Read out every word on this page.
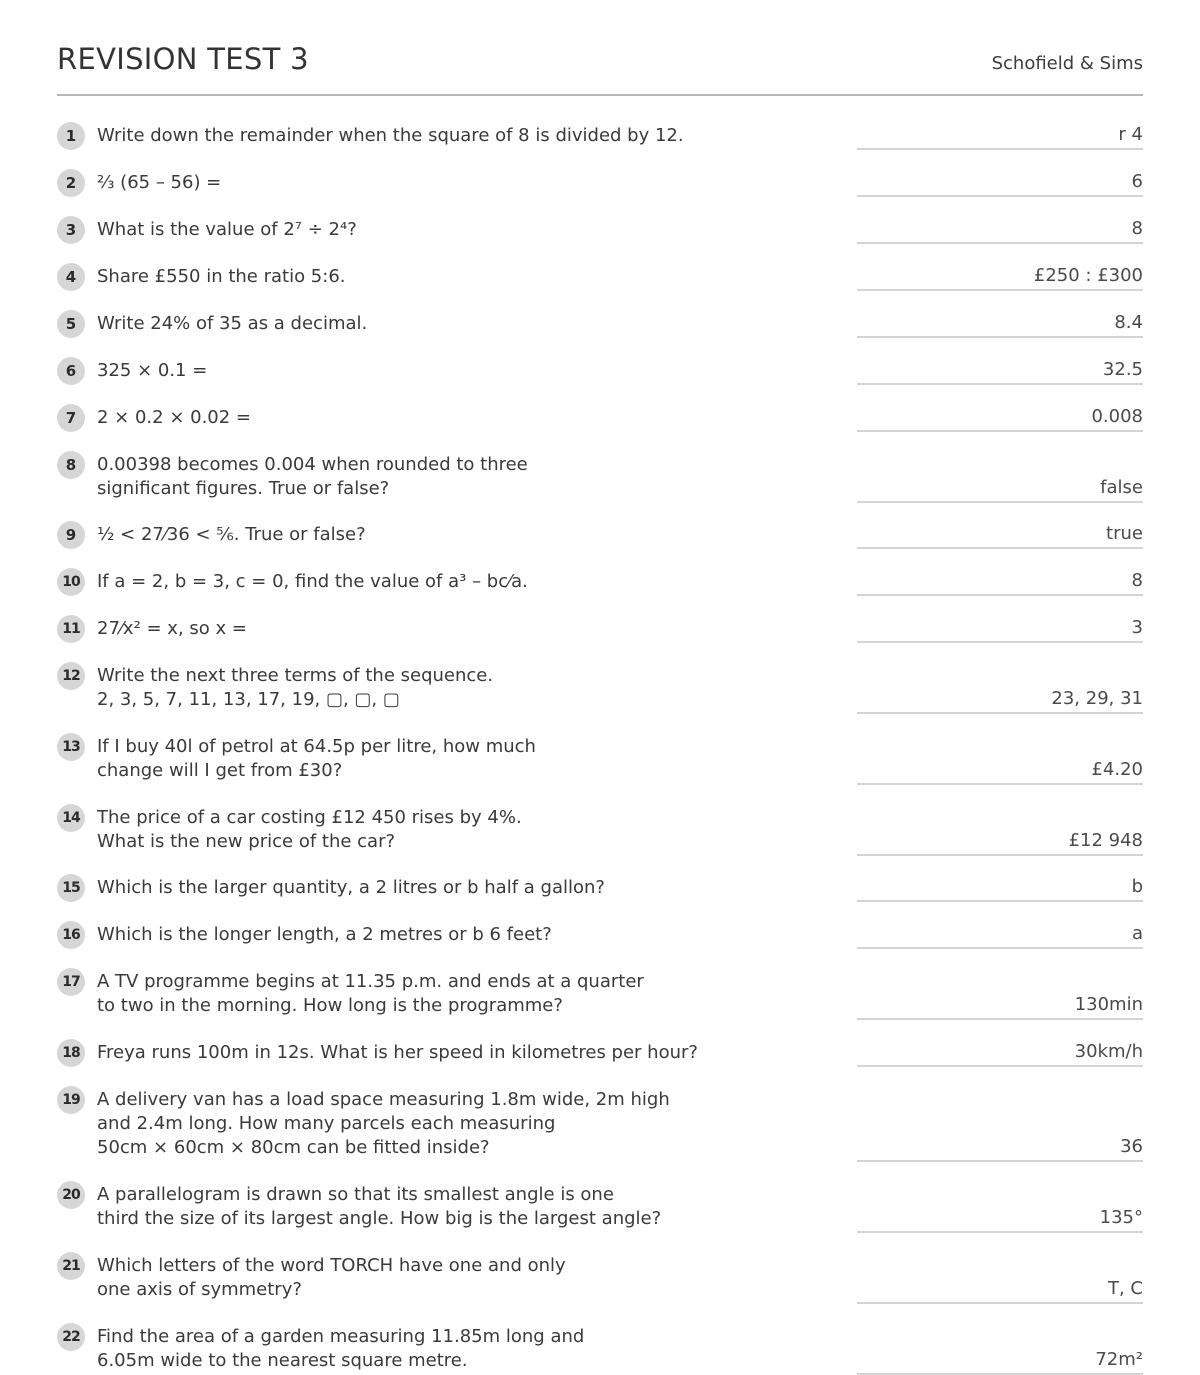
REVISION TEST 3	Schofield & Sims
1	Write down the remainder when the square of 8 is divided by 12.	r 4
2	⅔ (65 – 56) =	6
3	What is the value of 2⁷ ÷ 2⁴?	8
4	Share £550 in the ratio 5:6.	£250 : £300
5	Write 24% of 35 as a decimal.	8.4
6	325 × 0.1 =	32.5
7	2 × 0.2 × 0.02 =	0.008
8	0.00398 becomes 0.004 when rounded to three
significant figures. True or false?	false
9	½ < 27⁄36 < ⅚. True or false?	true
10 If a = 2, b = 3, c = 0, find the value of a³ – bc⁄a.	8
11 27⁄x² = x, so x =	3
12 Write the next three terms of the sequence.
2, 3, 5, 7, 11, 13, 17, 19, ▢, ▢, ▢	23, 29, 31
13 If I buy 40l of petrol at 64.5p per litre, how much
change will I get from £30?	£4.20
14 The price of a car costing £12 450 rises by 4%.
What is the new price of the car?	£12 948
15 Which is the larger quantity, a 2 litres or b half a gallon?	b
16 Which is the longer length, a 2 metres or b 6 feet?	a
17 A TV programme begins at 11.35 p.m. and ends at a quarter
to two in the morning. How long is the programme?	130min
18 Freya runs 100m in 12s. What is her speed in kilometres per hour?	30km/h
19 A delivery van has a load space measuring 1.8m wide, 2m high
and 2.4m long. How many parcels each measuring
50cm × 60cm × 80cm can be fitted inside?	36
20 A parallelogram is drawn so that its smallest angle is one
third the size of its largest angle. How big is the largest angle?	135°
21 Which letters of the word TORCH have one and only
one axis of symmetry?	T, C
22 Find the area of a garden measuring 11.85m long and
6.05m wide to the nearest square metre.	72m²
